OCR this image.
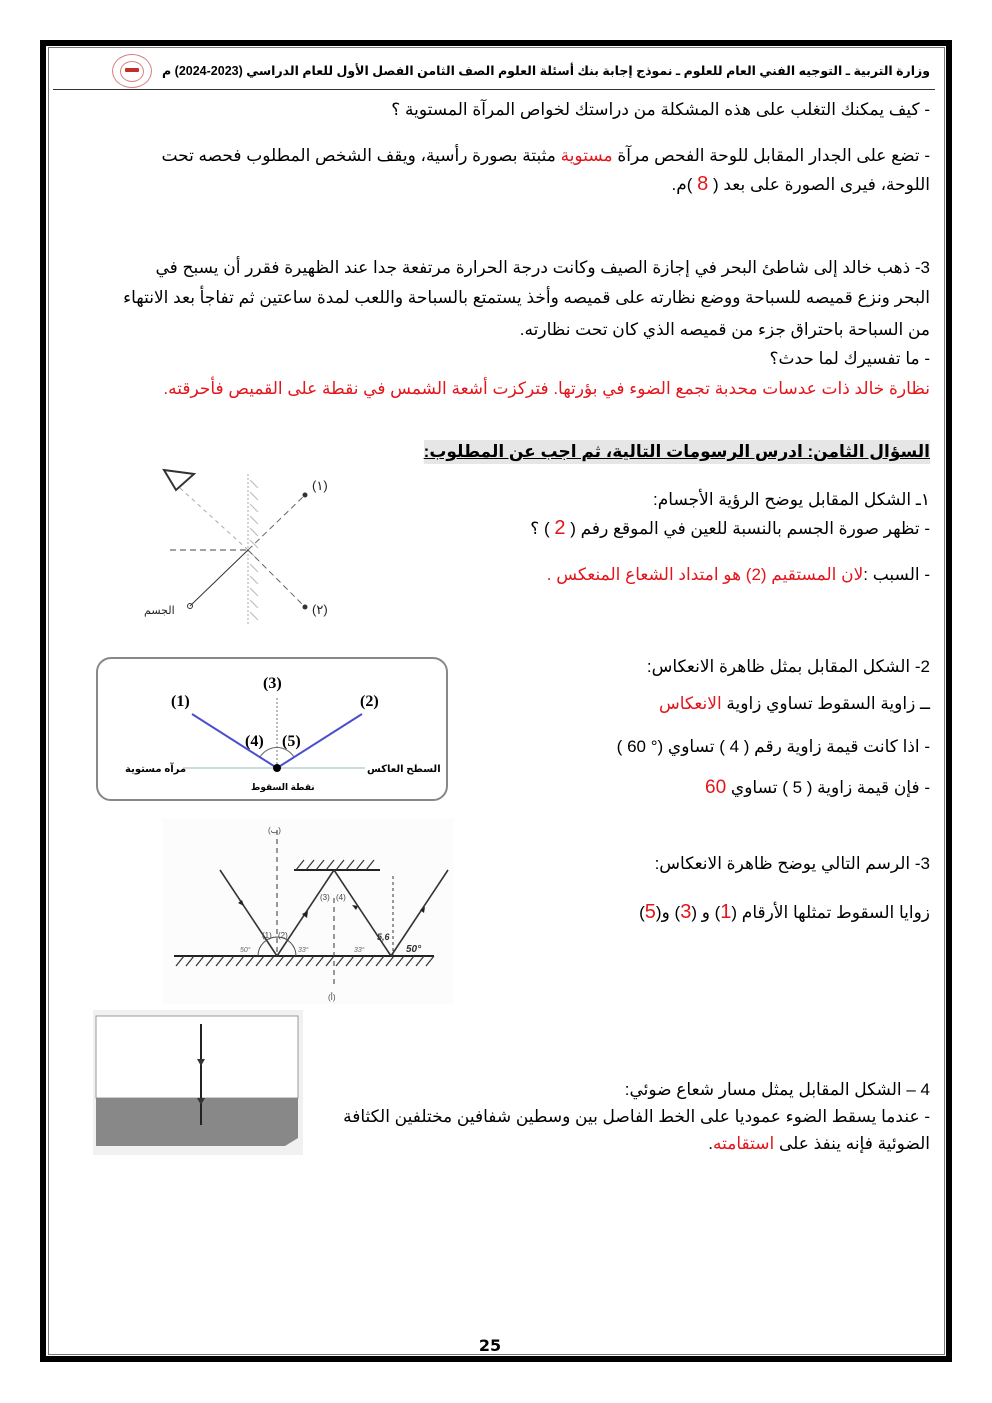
وزارة التربية ـ التوجيه الفني العام للعلوم ـ نموذج إجابة بنك أسئلة العلوم الصف الثامن الفصل الأول للعام الدراسي (2023-2024) م
- كيف يمكنك التغلب على هذه المشكلة من دراستك لخواص المرآة المستوية ؟
- تضع على الجدار المقابل للوحة الفحص مرآة مستوية مثبتة بصورة رأسية، ويقف الشخص المطلوب فحصه تحت
اللوحة، فيرى الصورة على بعد ( 8 )م.
3- ذهب خالد إلى شاطئ البحر في إجازة الصيف وكانت درجة الحرارة مرتفعة جدا عند الظهيرة فقرر أن يسبح في
البحر ونزع قميصه للسباحة ووضع نظارته على قميصه وأخذ يستمتع بالسباحة واللعب لمدة ساعتين ثم تفاجأ بعد الانتهاء
من السباحة باحتراق جزء من قميصه الذي كان تحت نظارته.
- ما تفسيرك لما حدث؟
نظارة خالد ذات عدسات محدبة تجمع الضوء في بؤرتها. فتركزت أشعة الشمس في نقطة على القميص فأحرقته.
السؤال الثامن: ادرس الرسومات التالية، ثم اجب عن المطلوب:
١ـ الشكل المقابل يوضح الرؤية الأجسام:
- تظهر صورة الجسم بالنسبة للعين في الموقع رفم ( 2 ) ؟
- السبب :لان المستقيم (2) هو امتداد الشعاع المنعكس .
(١)
(٢)
الجسم
2- الشكل المقابل بمثل ظاهرة الانعكاس:
ــ زاوية السقوط تساوي زاوية الانعكاس
- اذا كانت قيمة زاوية رقم ( 4 ) تساوي (° 60 )
- فإن قيمة زاوية ( 5 ) تساوي 60
(1)
(3)
(2)
(4) (5)
مرآه مستوية	السطح العاكس
نقطة السقوط
3- الرسم التالي يوضح ظاهرة الانعكاس:
زوايا السقوط تمثلها الأرقام (1) و (3) و(5)
(ب)
(أ)
(1) (2)
(3) (4)
5,6
50°	33°	33°	50°
4 – الشكل المقابل يمثل مسار شعاع ضوئي:
- عندما يسقط الضوء عموديا على الخط الفاصل بين وسطين شفافين مختلفين الكثافة
الضوئية فإنه ينفذ على استقامته.
25
